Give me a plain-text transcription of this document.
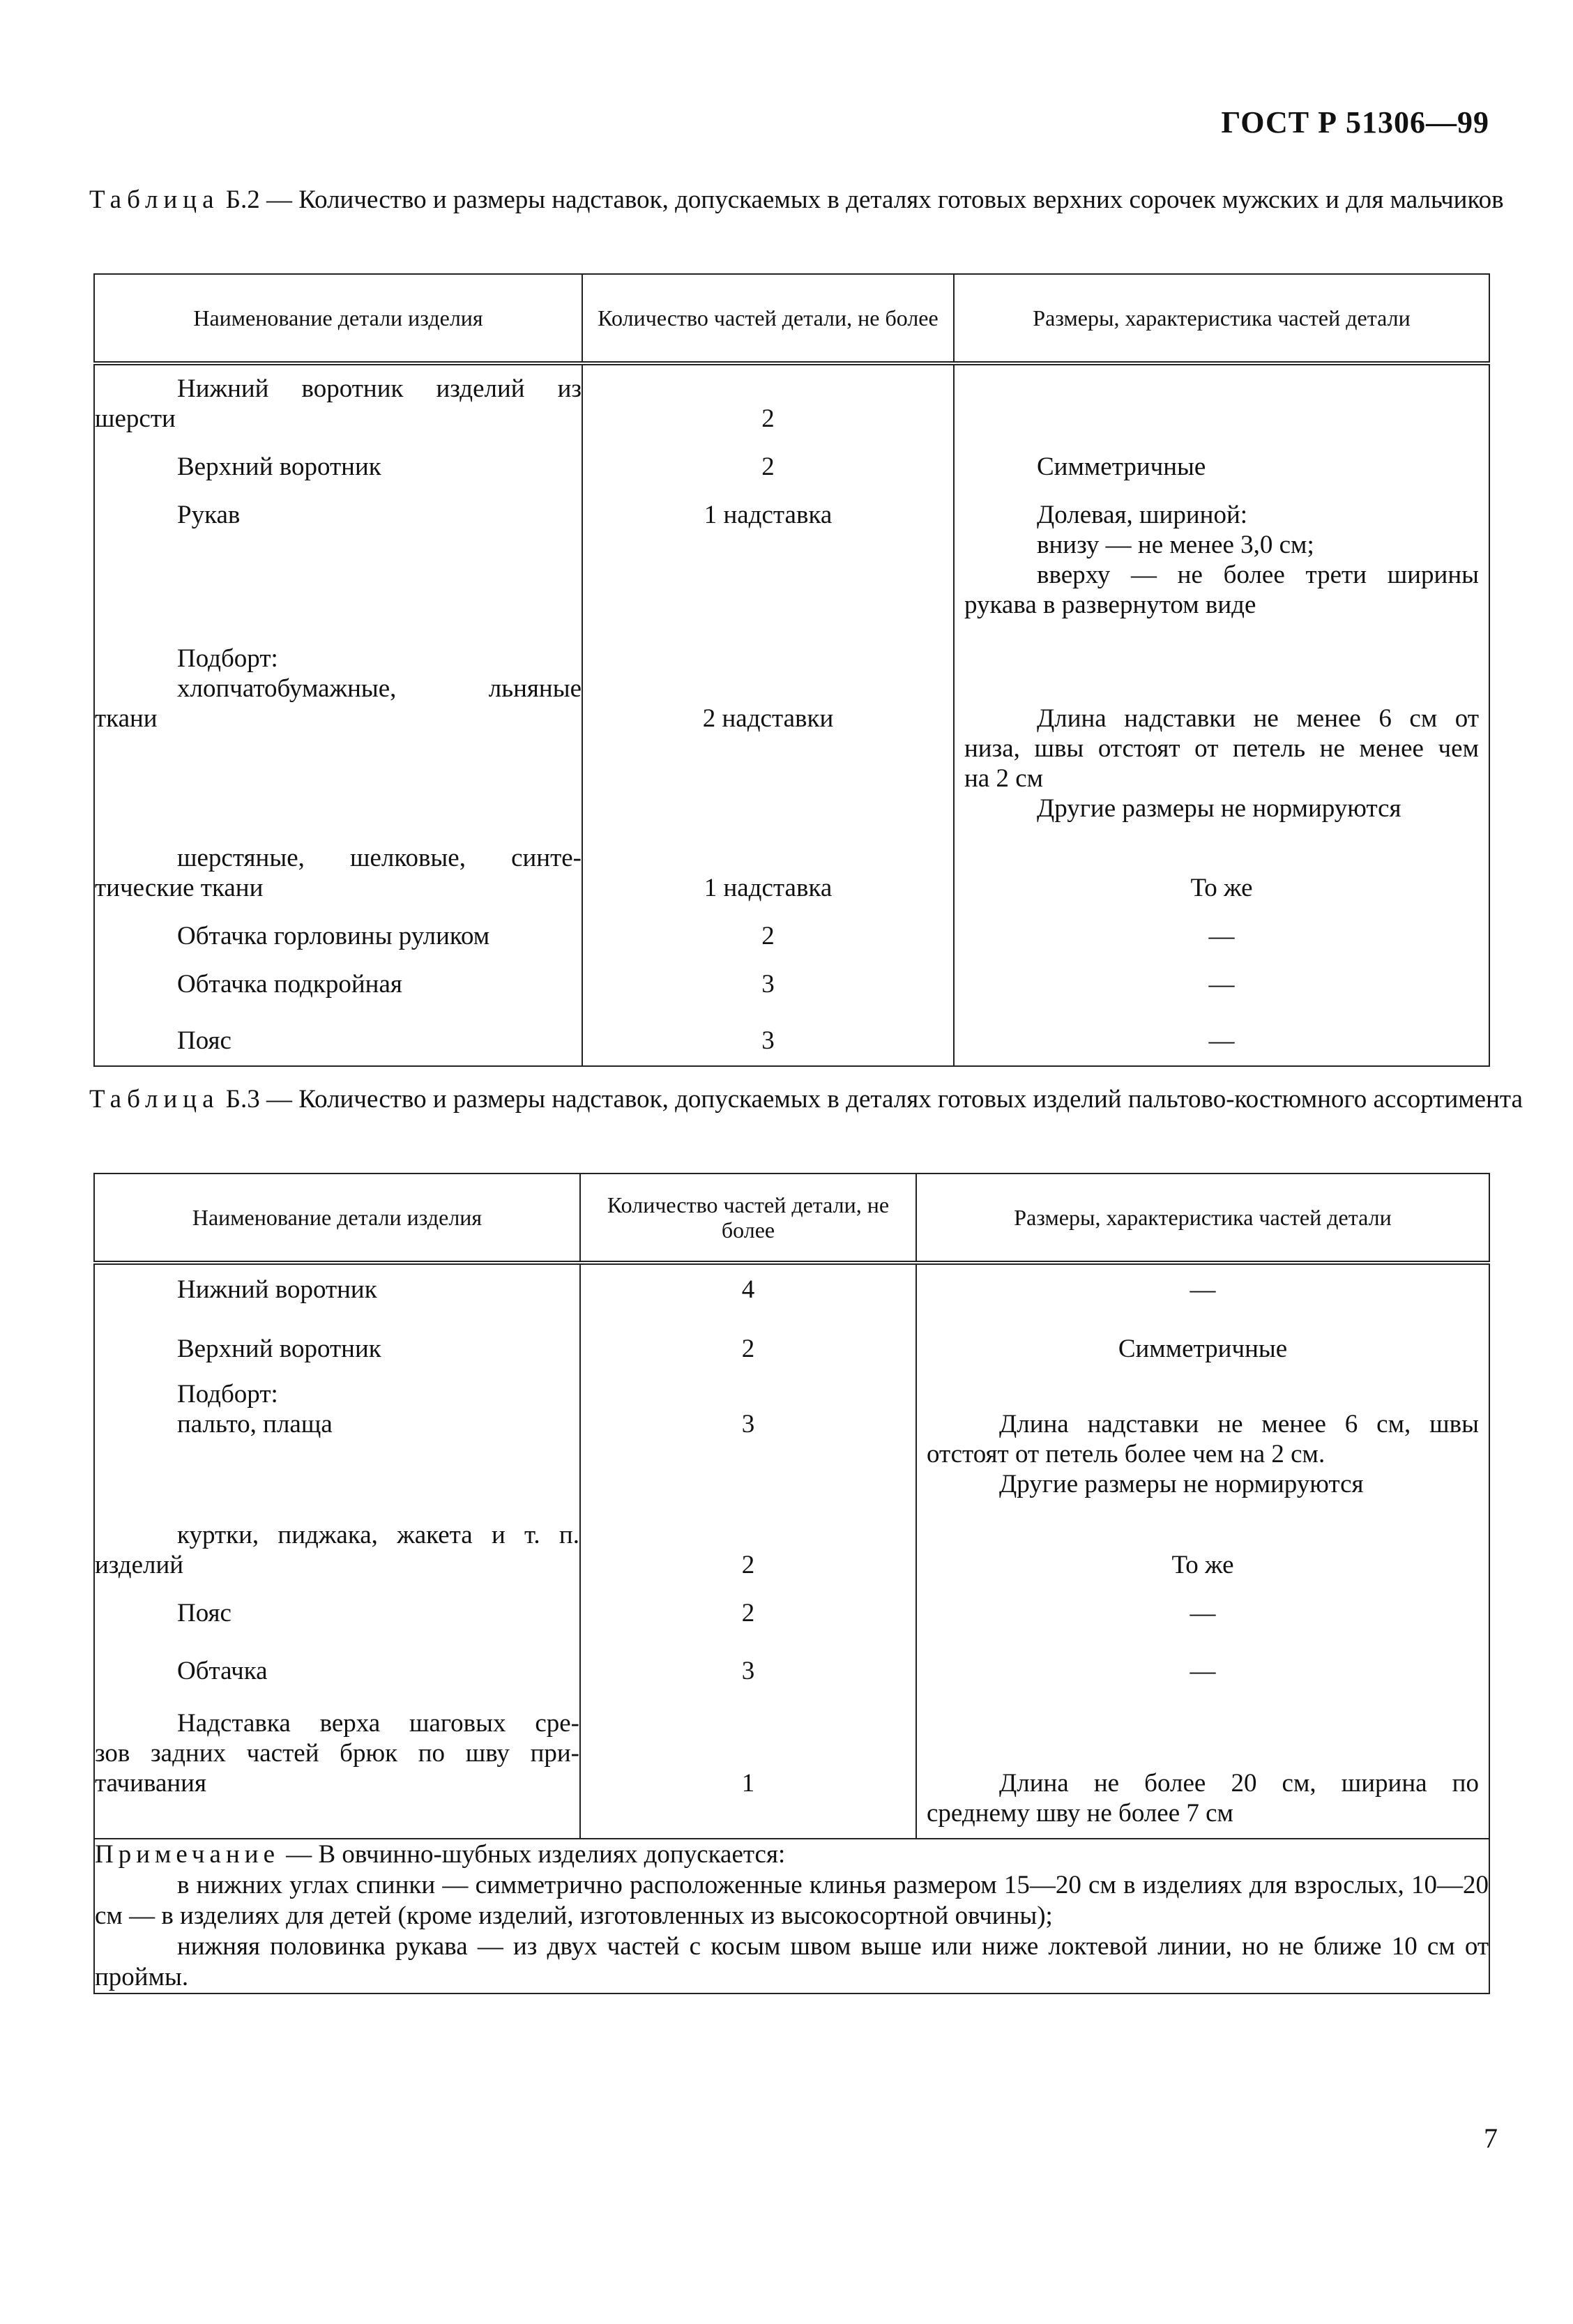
ГОСТ Р 51306—99
Таблица Б.2 — Количество и размеры надставок, допускаемых в деталях готовых верхних сорочек мужских и для мальчиков
Наименование детали изделия	Количество частей детали, не более	Размеры, характеристика частей детали

Нижний воротник изделий из
шерсти	2	

Верхний воротник	2	Симметричные

Рукав	1 надставка	Долевая, шириной:
внизу — не менее 3,0 см;
вверху — не более трети ширины
рукава в развернутом виде

Подборт:
хлопчатобумажные, льняные
ткани	2 надставки	Длина надставки не менее 6 см от
низа, швы отстоят от петель не менее чем
на 2 см
Другие размеры не нормируются

шерстяные, шелковые, синте-
тические ткани	1 надставка	То же

Обтачка горловины руликом	2	—

Обтачка подкройная	3	—

Пояс	3	—
Таблица Б.3 — Количество и размеры надставок, допускаемых в деталях готовых изделий пальтово-костюмного ассортимента
Наименование детали изделия	Количество частей детали, не более	Размеры, характеристика частей детали

Нижний воротник	4	—

Верхний воротник	2	Симметричные

Подборт:
пальто, плаща	3	Длина надставки не менее 6 см, швы
отстоят от петель более чем на 2 см.
Другие размеры не нормируются

куртки, пиджака, жакета и т. п.
изделий	2	То же

Пояс	2	—

Обтачка	3	—

Надставка верха шаговых сре-
зов задних частей брюк по шву при-
тачивания	1	Длина не более 20 см, ширина по
среднему шву не более 7 см

Примечание — В овчинно-шубных изделиях допускается:
в нижних углах спинки — симметрично расположенные клинья размером 15—20 см в изделиях для взрослых, 10—20 см — в изделиях для детей (кроме изделий, изготовленных из высокосортной овчины);
нижняя половинка рукава — из двух частей с косым швом выше или ниже локтевой линии, но не ближе 10 см от проймы.		
7
